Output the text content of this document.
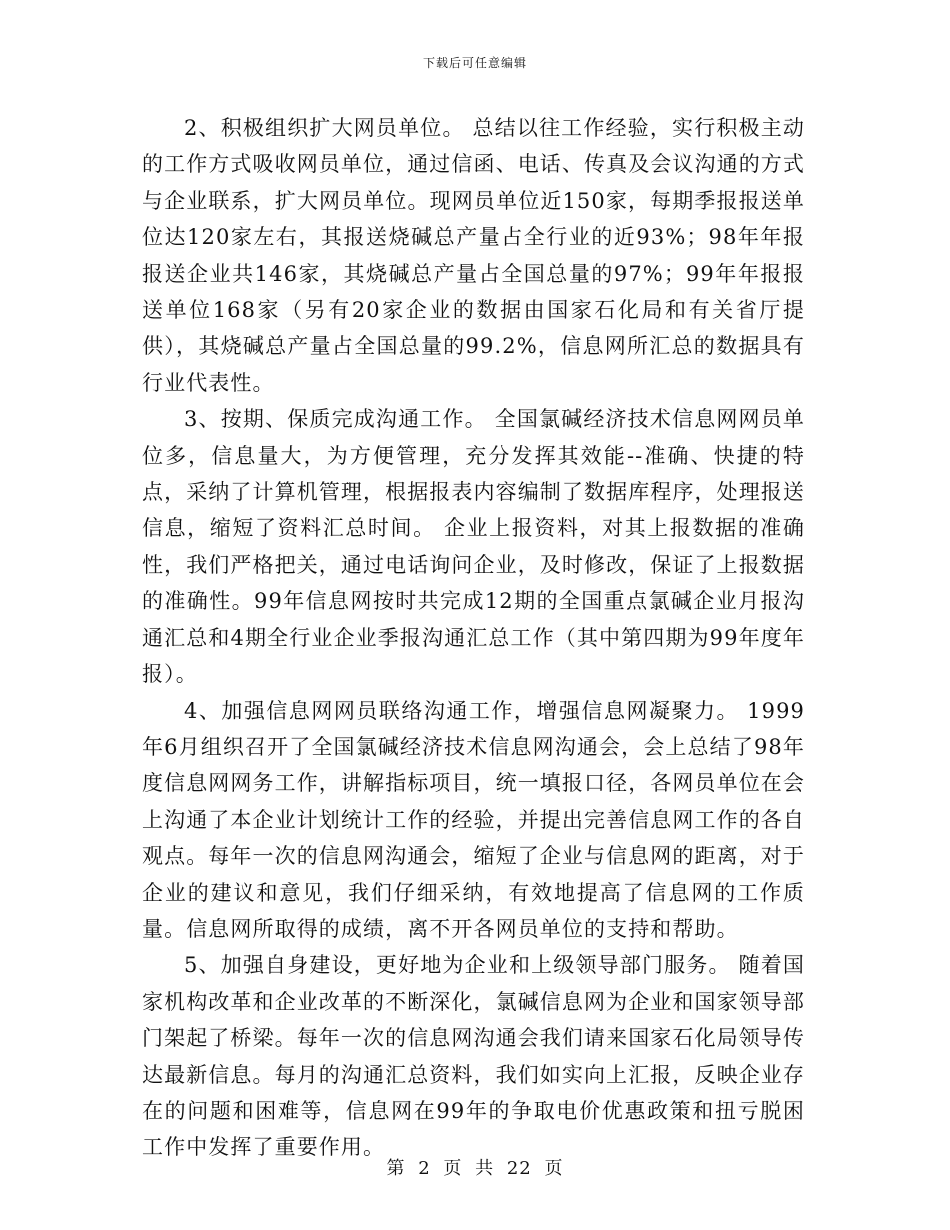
下载后可任意编辑

2、积极组织扩大网员单位。 总结以往工作经验，实行积极主动的工作方式吸收网员单位，通过信函、电话、传真及会议沟通的方式与企业联系，扩大网员单位。现网员单位近150家，每期季报报送单位达120家左右，其报送烧碱总产量占全行业的近93%；98年年报报送企业共146家，其烧碱总产量占全国总量的97%；99年年报报送单位168家（另有20家企业的数据由国家石化局和有关省厅提供），其烧碱总产量占全国总量的99.2%，信息网所汇总的数据具有行业代表性。

3、按期、保质完成沟通工作。 全国氯碱经济技术信息网网员单位多，信息量大，为方便管理，充分发挥其效能--准确、快捷的特点，采纳了计算机管理，根据报表内容编制了数据库程序，处理报送信息，缩短了资料汇总时间。 企业上报资料，对其上报数据的准确性，我们严格把关，通过电话询问企业，及时修改，保证了上报数据的准确性。99年信息网按时共完成12期的全国重点氯碱企业月报沟通汇总和4期全行业企业季报沟通汇总工作（其中第四期为99年度年报）。

4、加强信息网网员联络沟通工作，增强信息网凝聚力。 1999年6月组织召开了全国氯碱经济技术信息网沟通会，会上总结了98年度信息网网务工作，讲解指标项目，统一填报口径，各网员单位在会上沟通了本企业计划统计工作的经验，并提出完善信息网工作的各自观点。每年一次的信息网沟通会，缩短了企业与信息网的距离，对于企业的建议和意见，我们仔细采纳，有效地提高了信息网的工作质量。信息网所取得的成绩，离不开各网员单位的支持和帮助。

5、加强自身建设，更好地为企业和上级领导部门服务。 随着国家机构改革和企业改革的不断深化，氯碱信息网为企业和国家领导部门架起了桥梁。每年一次的信息网沟通会我们请来国家石化局领导传达最新信息。每月的沟通汇总资料，我们如实向上汇报，反映企业存在的问题和困难等，信息网在99年的争取电价优惠政策和扭亏脱困工作中发挥了重要作用。

第 2 页 共 22 页
